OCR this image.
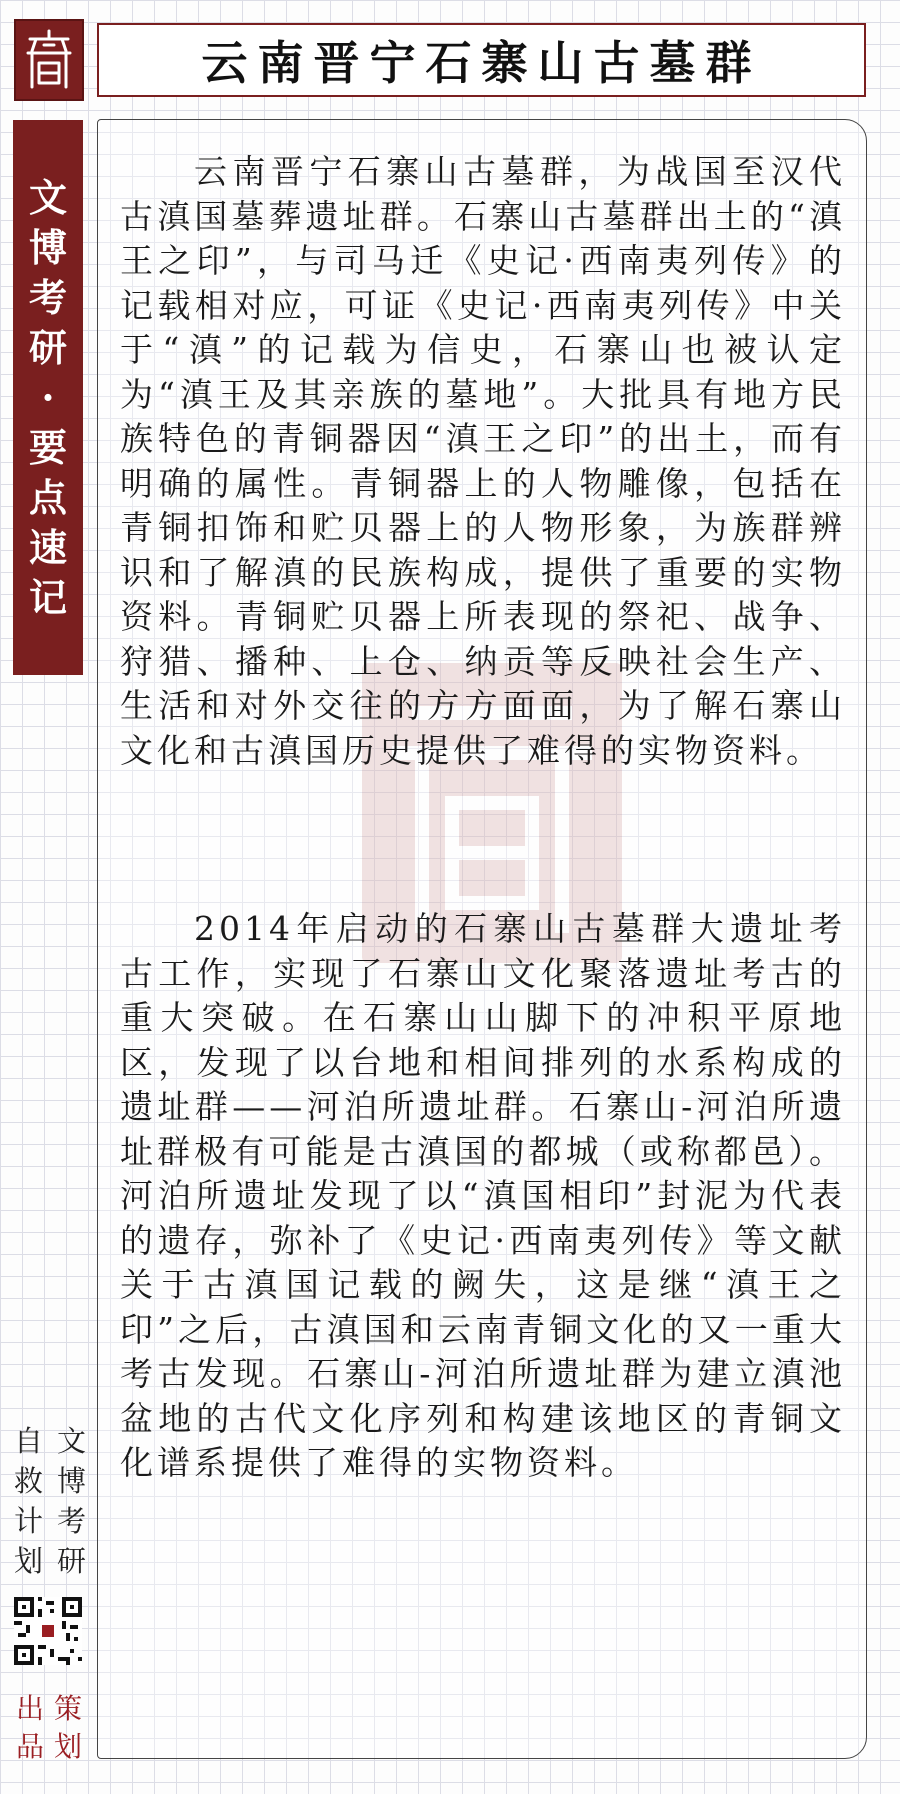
云南晋宁石寨山古墓群
文
博
考
研
·
要
点
速
记

云南晋宁石寨山古墓群，为战国至汉代古滇国墓葬遗址群。石寨山古墓群出土的“滇王之印”，与司马迁《史记·西南夷列传》的记载相对应，可证《史记·西南夷列传》中关于“滇”的记载为信史，石寨山也被认定为“滇王及其亲族的墓地”。大批具有地方民族特色的青铜器因“滇王之印”的出土，而有明确的属性。青铜器上的人物雕像，包括在青铜扣饰和贮贝器上的人物形象，为族群辨识和了解滇的民族构成，提供了重要的实物资料。青铜贮贝器上所表现的祭祀、战争、狩猎、播种、上仓、纳贡等反映社会生产、生活和对外交往的方方面面，为了解石寨山文化和古滇国历史提供了难得的实物资料。

2014年启动的石寨山古墓群大遗址考古工作，实现了石寨山文化聚落遗址考古的重大突破。在石寨山山脚下的冲积平原地区，发现了以台地和相间排列的水系构成的遗址群——河泊所遗址群。石寨山-河泊所遗址群极有可能是古滇国的都城（或称都邑）。河泊所遗址发现了以“滇国相印”封泥为代表的遗存，弥补了《史记·西南夷列传》等文献关于古滇国记载的阙失，这是继“滇王之印”之后，古滇国和云南青铜文化的又一重大考古发现。石寨山-河泊所遗址群为建立滇池盆地的古代文化序列和构建该地区的青铜文化谱系提供了难得的实物资料。

自
救
计
划
文
博
考
研
出
品
策
划
